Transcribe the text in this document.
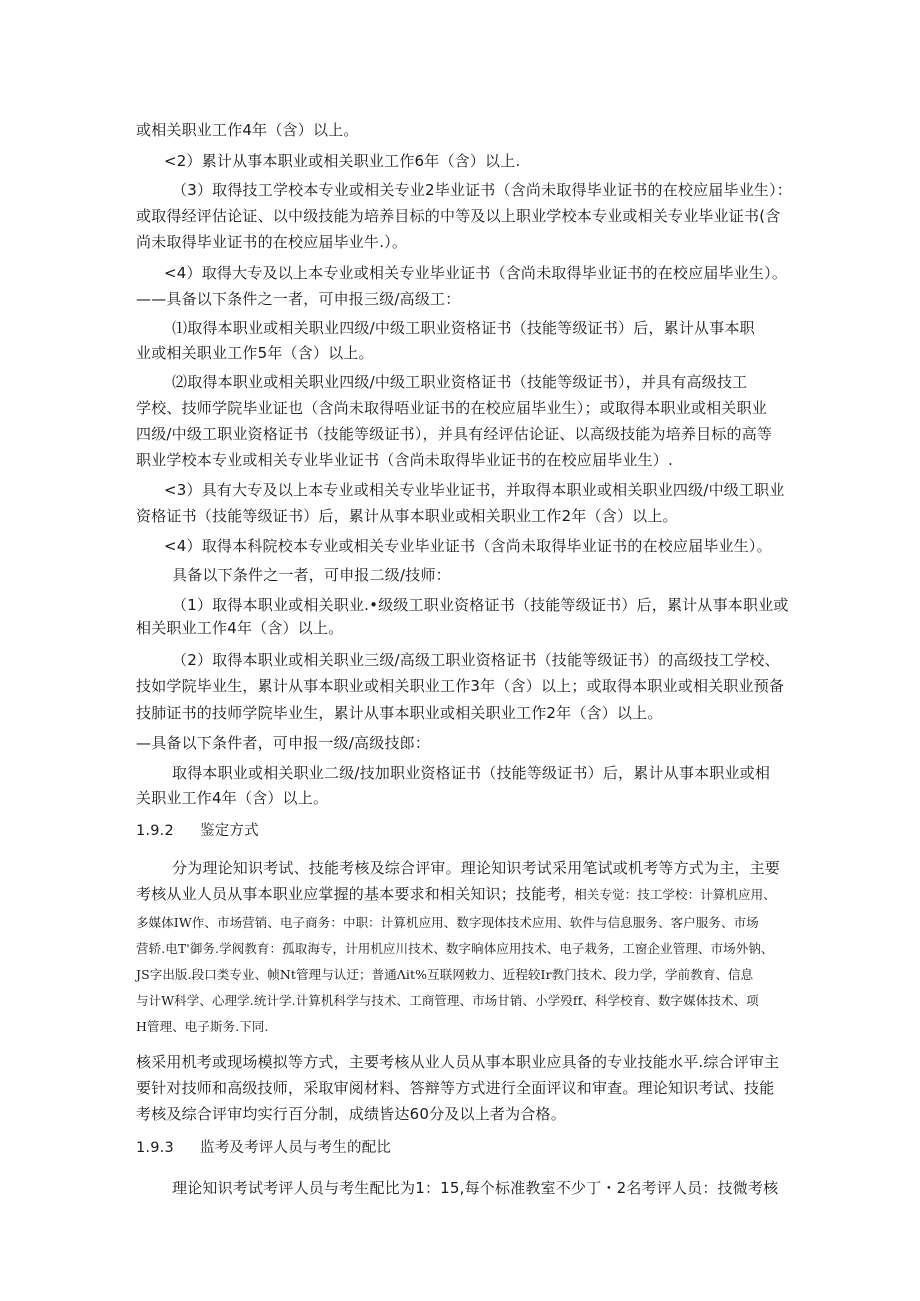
或相关职业工作4年（含）以上。
<2）累计从事本职业或相关职业工作6年（含）以上.
（3）取得技工学校本专业或相关专业2毕业证书（含尚未取得毕业证书的在校应届毕业生）：
或取得经评估论证、以中级技能为培养目标的中等及以上职业学校本专业或相关专业毕业证书(含
尚未取得毕业证书的在校应届毕业牛.）。
<4）取得大专及以上本专业或相关专业毕业证书（含尚未取得毕业证书的在校应届毕业生）。
——具备以下条件之一者，可申报三级/高级工：
⑴取得本职业或相关职业四级/中级工职业资格证书（技能等级证书）后，累计从事本职
业或相关职业工作5年（含）以上。
⑵取得本职业或相关职业四级/中级工职业资格证书（技能等级证书），并具有高级技工
学校、技师学院毕业证也（含尚未取得唔业证书的在校应届毕业生）；或取得本职业或相关职业
四级/中级工职业资格证书（技能等级证书），并具有经评估论证、以高级技能为培养目标的高等
职业学校本专业或相关专业毕业证书（含尚未取得毕业证书的在校应届毕业生）.
<3）具有大专及以上本专业或相关专业毕业证书，并取得本职业或相关职业四级/中级工职业
资格证书（技能等级证书）后，累计从事本职业或相关职业工作2年（含）以上。
<4）取得本科院校本专业或相关专业毕业证书（含尚未取得毕业证书的在校应届毕业生）。
具备以下条件之一者，可申报二级/技师：
（1）取得本职业或相关职业.•级级工职业资格证书（技能等级证书）后，累计从事本职业或
相关职业工作4年（含）以上。
（2）取得本职业或相关职业三级/高级工职业资格证书（技能等级证书）的高级技工学校、
技如学院毕业生，累计从事本职业或相关职业工作3年（含）以上；或取得本职业或相关职业预备
技肺证书的技师学院毕业生，累计从事本职业或相关职业工作2年（含）以上。
—具备以下条件者，可申报一级/高级技郎：
取得本职业或相关职业二级/技加职业资格证书（技能等级证书）后，累计从事本职业或相
关职业工作4年（含）以上。
1.9.2 鉴定方式
分为理论知识考试、技能考核及综合评审。理论知识考试采用笔试或机考等方式为主，主要
考核从业人员从事本职业应掌握的基本要求和相关知识；技能考，相关专觉：技工学校：计算机应用、
多媒体IW作、市场营销、电子商务：中职：计算机应用、数字现体技术应用、软件与信息服务、客户服务、市场
营轿.电T'御务.学阀教育：孤取海专，计用机应川技术、数字晌体应用技术、电子栽务，工窗企业管理、市场外钠、
JS字出版.段口类专业、帧Nt管理与认迂；普通Λit%互联网敕力、近程较Ir教门技术、段力学，学前教育、信息
与计W科学、心理学.统计学.计算机科学与技术、工商管理、市场甘销、小学殁ff、科学校育、数字媒体技术、项
H管理、电子斯务.下同.
核采用机考或现场模拟等方式，主要考核从业人员从事本职业应具备的专业技能水平.综合评审主
要针对技师和高级技师，采取审阅材料、答辩等方式进行全面评议和审查。理论知识考试、技能
考核及综合评审均实行百分制，成绩皆达60分及以上者为合格。
1.9.3 监考及考评人员与考生的配比
理论知识考试考评人员与考生配比为1：15,每个标准教室不少丁・2名考评人员：技微考核
